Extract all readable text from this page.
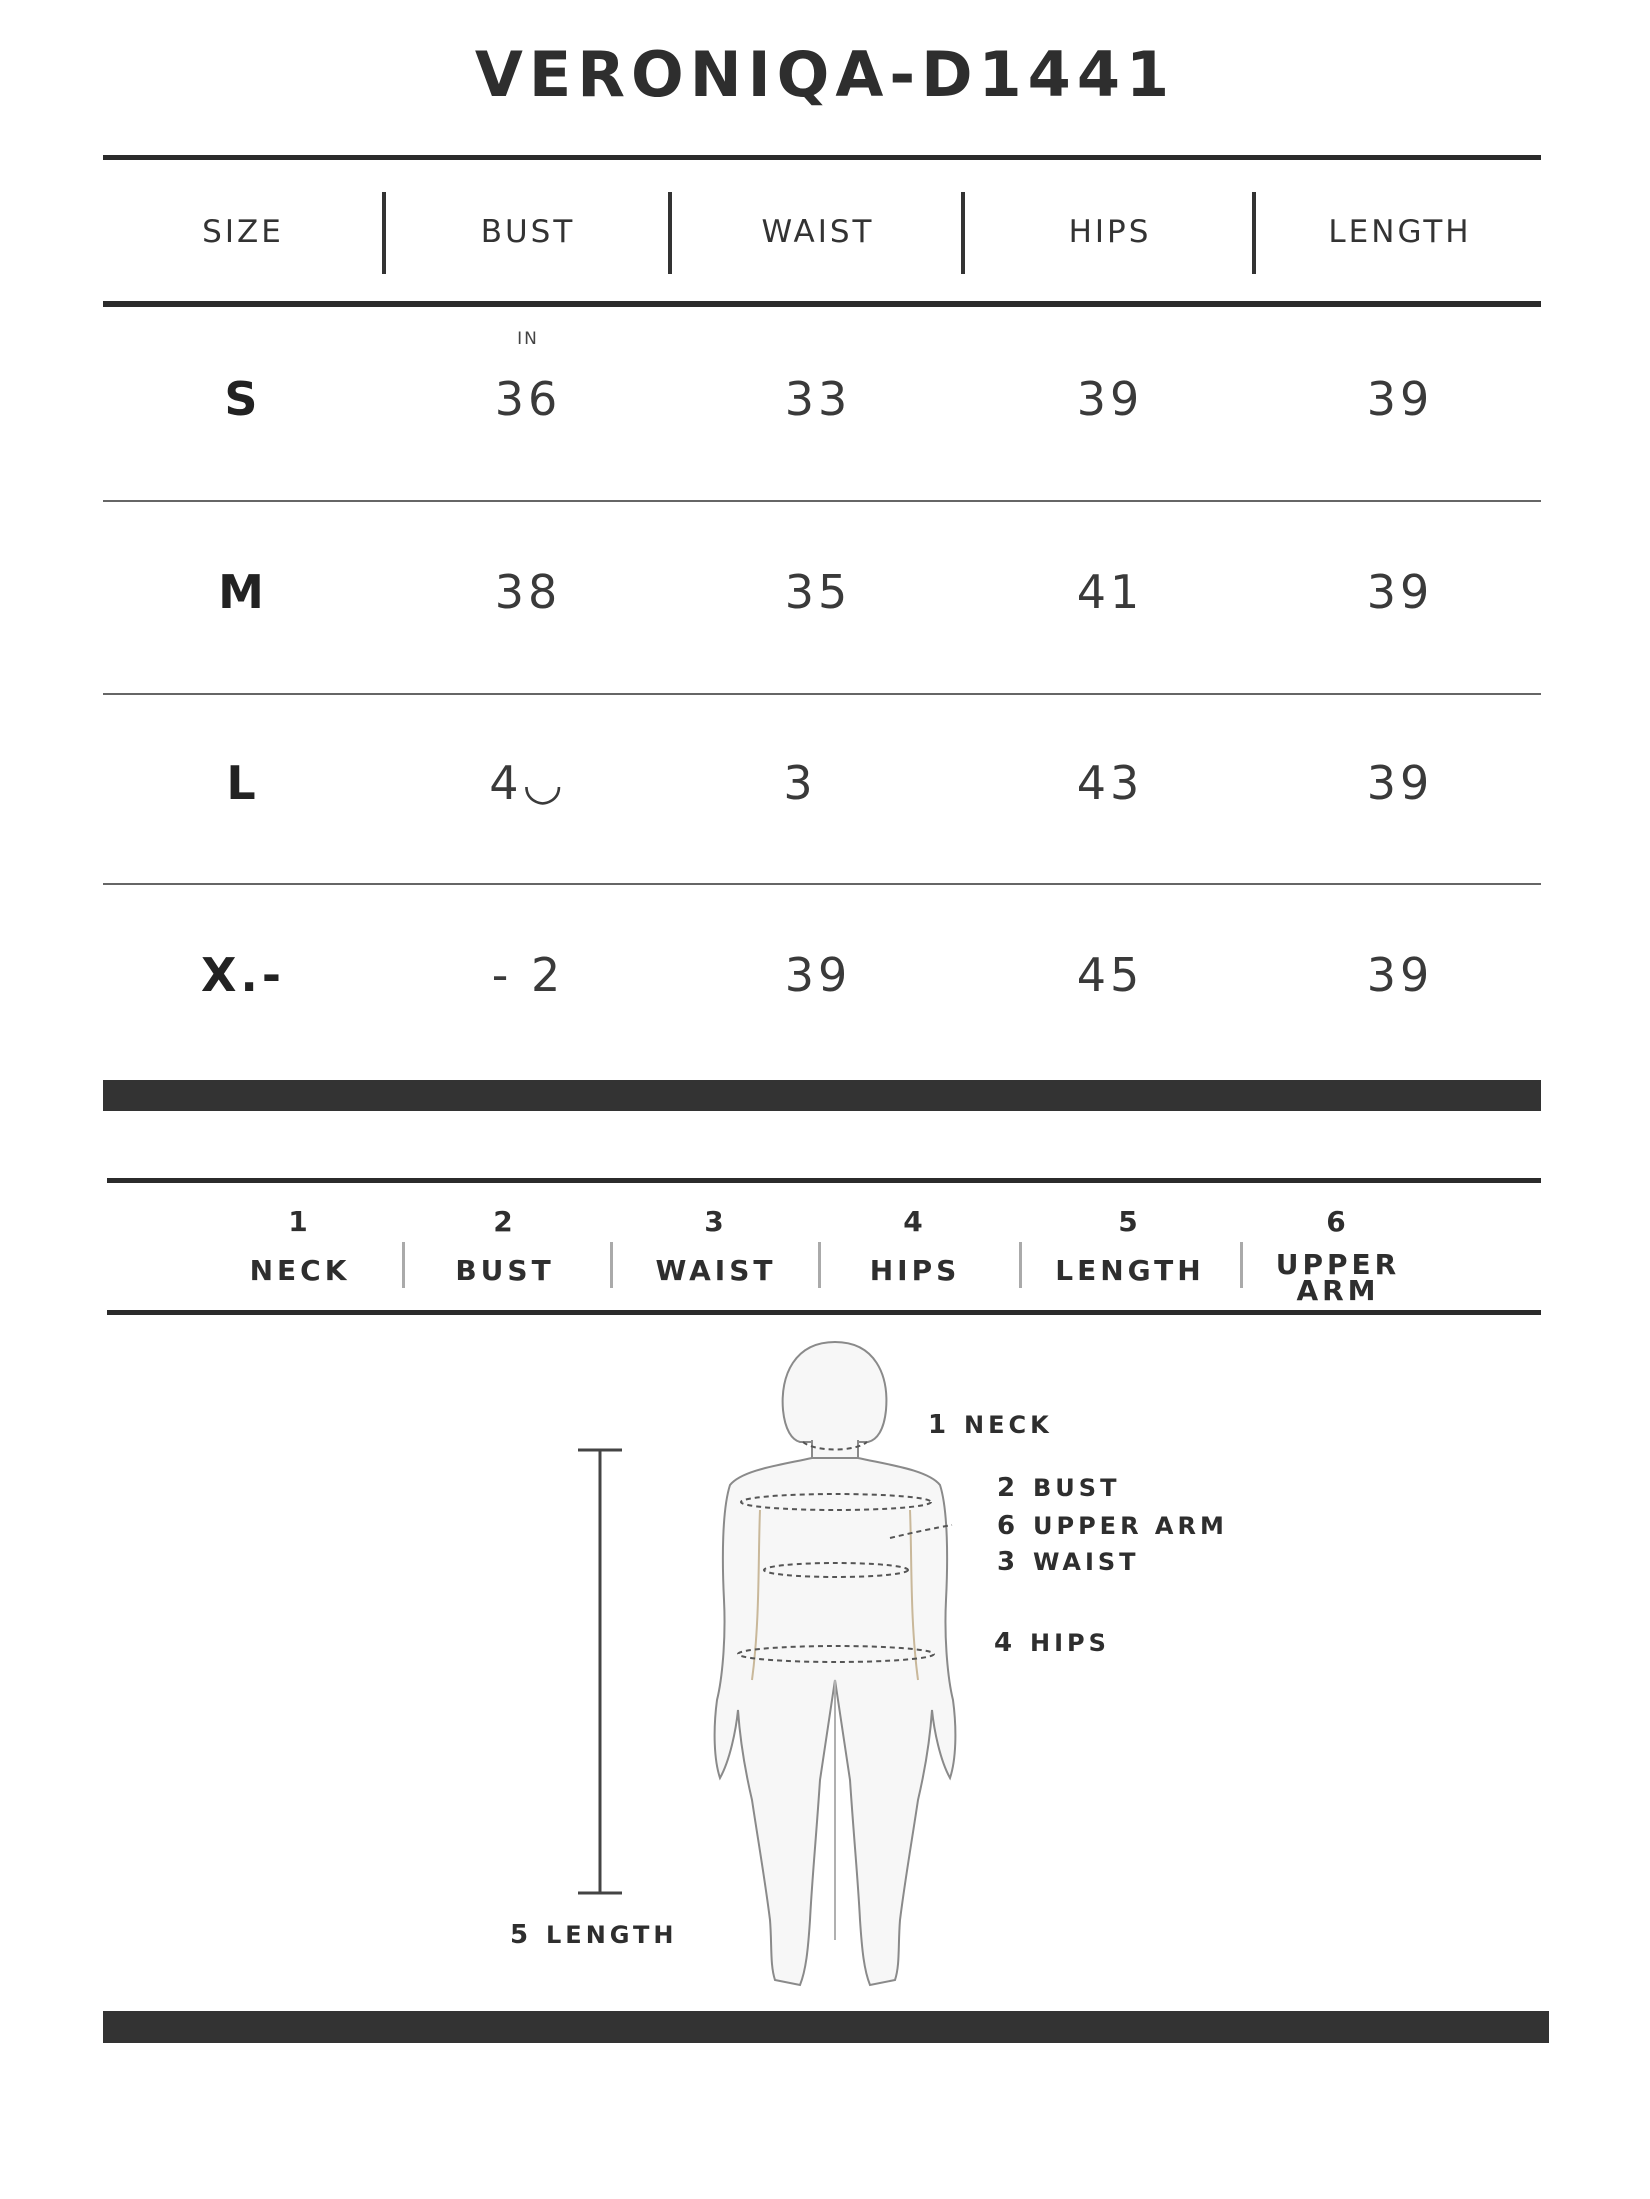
VERONIQA-D1441
SIZE	BUST	WAIST	HIPS	LENGTH
IN
S	36	33	39	39
M	38	35	41	39
L	4◡	3	43	39
X.-	- 2	39	45	39
1
NECK
2
BUST
3
WAIST
4
HIPS
5
LENGTH
6
UPPER ARM
1 NECK
2 BUST
6 UPPER ARM
3 WAIST
4 HIPS
5 LENGTH
